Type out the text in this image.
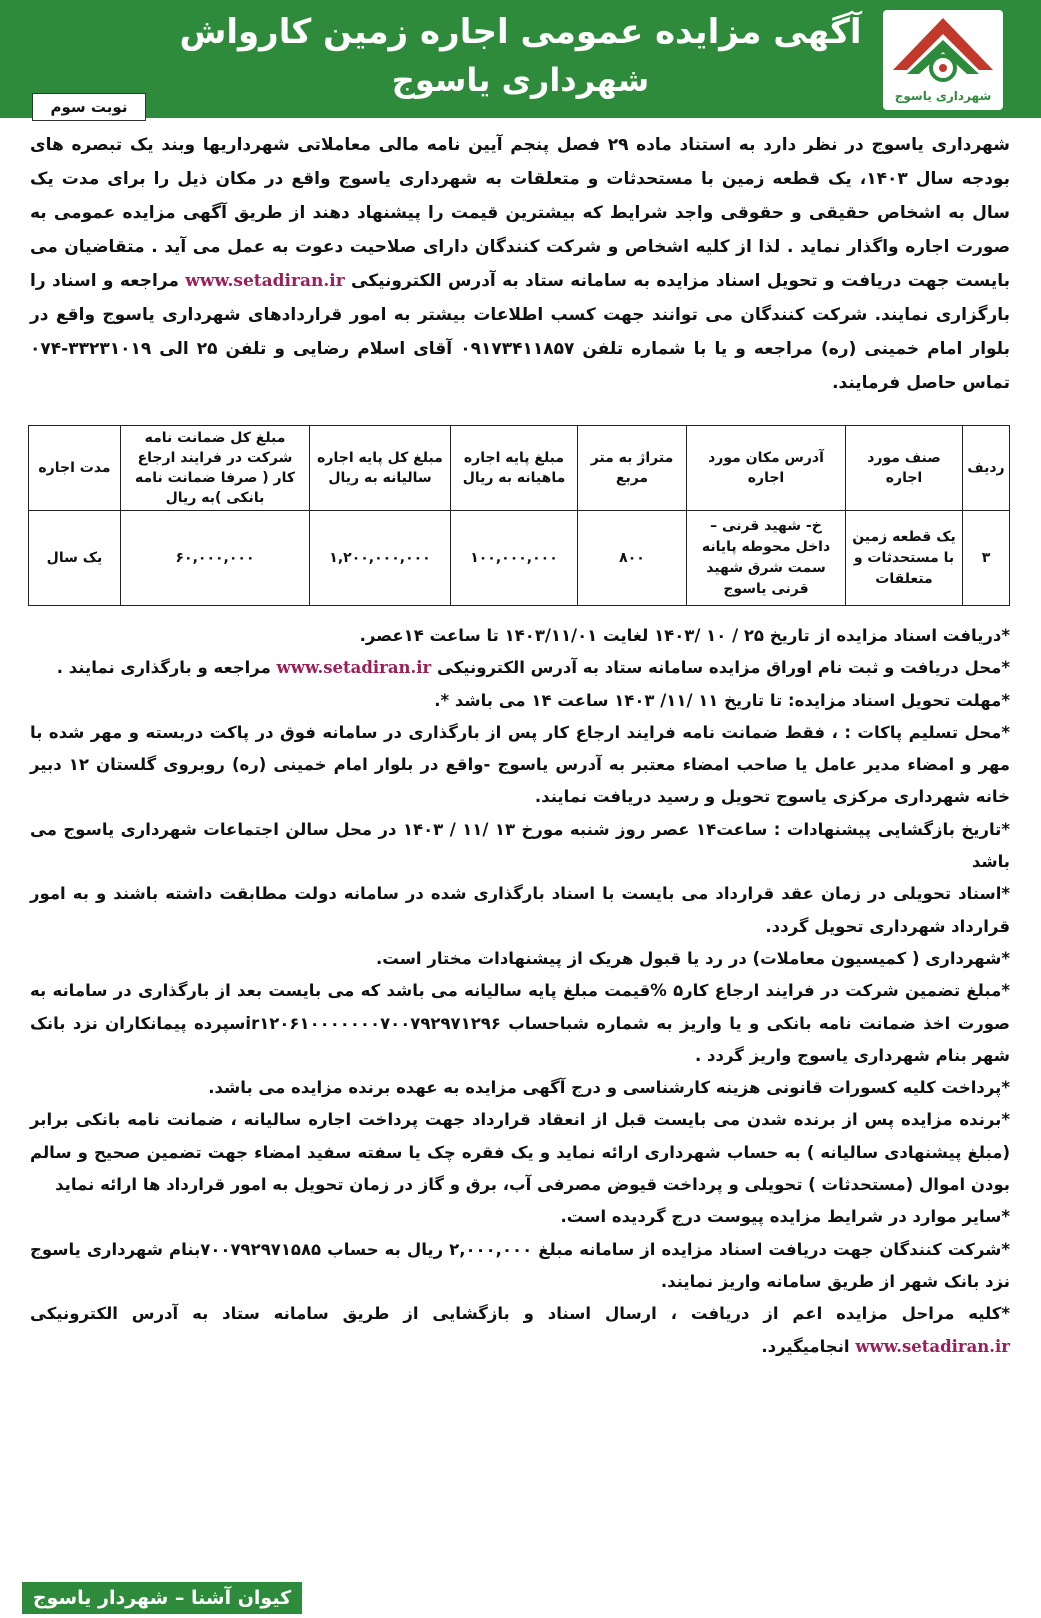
شهرداری یاسوج
آگهی مزایده عمومی اجاره زمین کارواش
شهرداری یاسوج
نوبت سوم
شهرداری یاسوج در نظر دارد به استناد ماده ۲۹ فصل پنجم آیین نامه مالی معاملاتی شهرداریها وبند یک تبصره های بودجه سال ۱۴۰۳، یک قطعه زمین با مستحدثات و متعلقات به شهرداری یاسوج واقع در مکان ذیل را برای مدت یک سال به اشخاص حقیقی و حقوقی واجد شرایط که بیشترین قیمت را پیشنهاد دهند از طریق آگهی مزایده عمومی به صورت اجاره واگذار نماید . لذا از کلیه اشخاص و شرکت کنندگان دارای صلاحیت دعوت به عمل می آید . متقاضیان می بایست جهت دریافت و تحویل اسناد مزایده به سامانه ستاد به آدرس الکترونیکی www.setadiran.ir مراجعه و اسناد را بارگزاری نمایند. شرکت کنندگان می توانند جهت کسب اطلاعات بیشتر به امور قراردادهای شهرداری یاسوج واقع در بلوار امام خمینی (ره) مراجعه و یا با شماره تلفن ۰۹۱۷۳۴۱۱۸۵۷ آقای اسلام رضایی و تلفن ۲۵ الی ۳۳۲۳۱۰۱۹-۰۷۴ تماس حاصل فرمایند.
ردیف	صنف مورد اجاره	آدرس مکان مورد اجاره	متراژ به متر مربع	مبلغ پایه اجاره ماهیانه به ریال	مبلغ کل پایه اجاره سالیانه به ریال	مبلغ کل ضمانت نامه شرکت در فرایند ارجاع کار ( صرفا ضمانت نامه بانکی )به ریال	مدت اجاره
۳	یک قطعه زمین با مستحدثات و متعلقات	خ- شهید قرنی – داخل محوطه پایانه سمت شرق شهید قرنی یاسوج	۸۰۰	۱۰۰,۰۰۰,۰۰۰	۱,۲۰۰,۰۰۰,۰۰۰	۶۰,۰۰۰,۰۰۰	یک سال

*دریافت اسناد مزایده از تاریخ ۲۵ / ۱۰ /۱۴۰۳ لغایت ۱۴۰۳/۱۱/۰۱ تا ساعت ۱۴عصر.

*محل دریافت و ثبت نام اوراق مزایده سامانه ستاد به آدرس الکترونیکی www.setadiran.ir مراجعه و بارگذاری نمایند .

*مهلت تحویل اسناد مزایده: تا تاریخ ۱۱ /۱۱/ ۱۴۰۳ ساعت ۱۴ می باشد *.

*محل تسلیم پاکات : ، فقط ضمانت نامه فرایند ارجاع کار پس از بارگذاری در سامانه فوق در پاکت دربسته و مهر شده با مهر و امضاء مدیر عامل یا صاحب امضاء معتبر به آدرس یاسوج -واقع در بلوار امام خمینی (ره) روبروی گلستان ۱۲ دبیر خانه شهرداری مرکزی یاسوج تحویل و رسید دریافت نمایند.

*تاریخ بازگشایی پیشنهادات : ساعت۱۴ عصر روز شنبه مورخ ۱۳ /۱۱ / ۱۴۰۳ در محل سالن اجتماعات شهرداری یاسوج می باشد

*اسناد تحویلی در زمان عقد قرارداد می بایست با اسناد بارگذاری شده در سامانه دولت مطابقت داشته باشند و به امور قرارداد شهرداری تحویل گردد.

*شهرداری ( کمیسیون معاملات) در رد یا قبول هریک از پیشنهادات مختار است.

*مبلغ تضمین شرکت در فرایند ارجاع کار۵ %قیمت مبلغ پایه سالیانه می باشد که می بایست بعد از بارگذاری در سامانه به صورت اخذ ضمانت نامه بانکی و یا واریز به شماره شباحساب ir۱۲۰۶۱۰۰۰۰۰۰۰۷۰۰۷۹۲۹۷۱۲۹۶سپرده پیمانکاران نزد بانک شهر بنام شهرداری یاسوج واریز گردد .

*پرداخت کلیه کسورات قانونی هزینه کارشناسی و درج آگهی مزایده به عهده برنده مزایده می باشد.

*برنده مزایده پس از برنده شدن می بایست قبل از انعقاد قرارداد جهت پرداخت اجاره سالیانه ، ضمانت نامه بانکی برابر (مبلغ پیشنهادی سالیانه ) به حساب شهرداری ارائه نماید و یک فقره چک یا سفته سفید امضاء جهت تضمین صحیح و سالم بودن اموال (مستحدثات ) تحویلی و پرداخت قیوض مصرفی آب، برق و گاز در زمان تحویل به امور قرارداد ها ارائه نماید

*سایر موارد در شرایط مزایده پیوست درج گردیده است.

*شرکت کنندگان جهت دریافت اسناد مزایده از سامانه مبلغ ۲,۰۰۰,۰۰۰ ریال به حساب ۷۰۰۷۹۲۹۷۱۵۸۵بنام شهرداری یاسوج نزد بانک شهر از طریق سامانه واریز نمایند.

*کلیه مراحل مزایده اعم از دریافت ، ارسال اسناد و بازگشایی از طریق سامانه ستاد به آدرس الکترونیکی www.setadiran.ir انجامیگیرد.

کیوان آشنا – شهردار یاسوج
